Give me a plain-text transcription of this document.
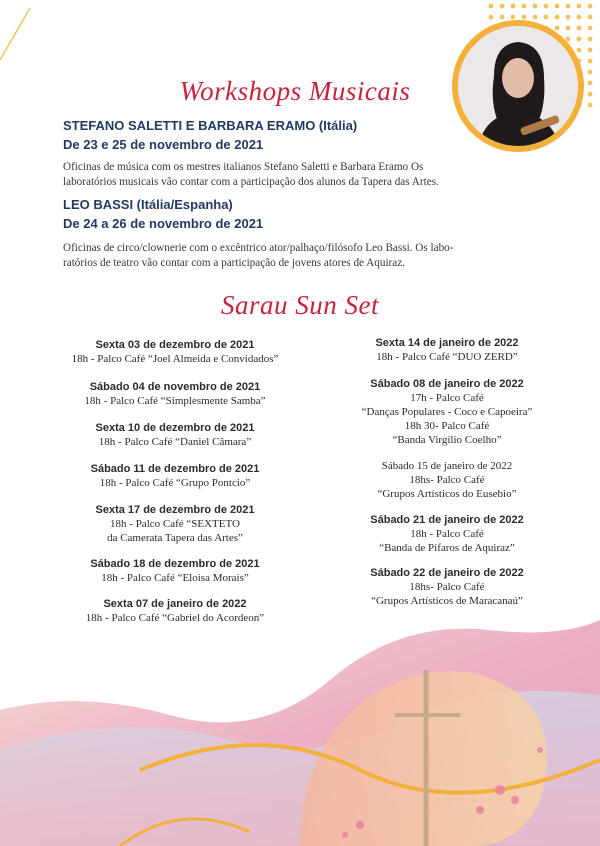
Workshops Musicais
STEFANO SALETTI E BARBARA ERAMO (Itália)
De 23 e 25 de novembro de 2021
Oficinas de música com os mestres italianos Stefano Saletti e Barbara Eramo Os
laboratórios musicais vão contar com a participação dos alunos da Tapera das Artes.
LEO BASSI (Itália/Espanha)
De 24 a 26 de novembro de 2021
Oficinas de circo/clownerie com o excêntrico ator/palhaço/filósofo Leo Bassi. Os labo-
ratórios de teatro vão contar com a participação de jovens atores de Aquiraz.
Sarau Sun Set
Sexta 03 de dezembro de 2021
18h - Palco Café “Joel Almeida e Convidados”
Sábado 04 de novembro de 2021
18h - Palco Café “Simplesmente Samba”
Sexta 10 de dezembro de 2021
18h - Palco Café “Daniel Câmara”
Sábado 11 de dezembro de 2021
18h - Palco Café “Grupo Pontcio”
Sexta 17 de dezembro de 2021
18h - Palco Café “SEXTETO
da Camerata Tapera das Artes”
Sábado 18 de dezembro de 2021
18h - Palco Café “Eloisa Morais”
Sexta 07 de janeiro de 2022
18h - Palco Café “Gabriel do Acordeon”
Sexta 14 de janeiro de 2022
18h - Palco Café “DUO ZERD”
Sábado 08 de janeiro de 2022
17h - Palco Café
“Danças Populares - Coco e Capoeira”
18h 30- Palco Café
“Banda Virgílio Coelho”
Sábado 15 de janeiro de 2022
18hs- Palco Café
“Grupos Artísticos do Eusebio”
Sábado 21 de janeiro de 2022
18h - Palco Café
“Banda de Pífaros de Aquiraz”
Sábado 22 de janeiro de 2022
18hs- Palco Café
“Grupos Artísticos de Maracanaú”
